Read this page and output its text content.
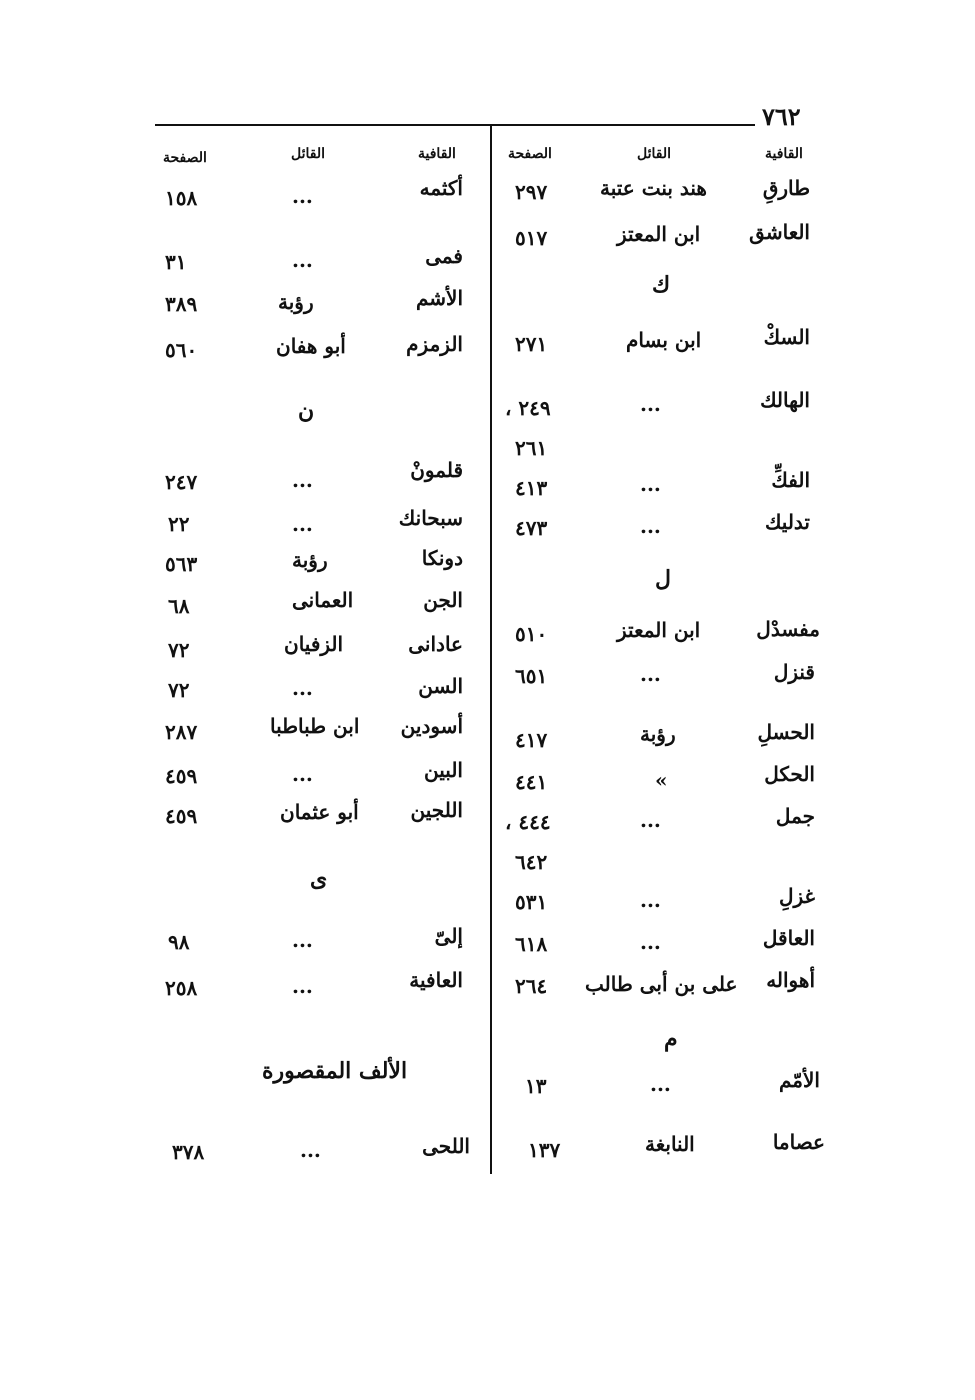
٧٦٢
القافية
القائل
الصفحة
القافية
القائل
الصفحة
طارقِ
هند بنت عتبة
٢٩٧
العاشق
ابن المعتز
٥١٧
ك
السكْ
ابن بسام
٢٧١
الهالك
...
٢٤٩ ،
٢٦١
الفكِّ
...
٤١٣
تدليك
...
٤٧٣
ل
مفسدْل
ابن المعتز
٥١٠
قنزل
...
٦٥١
الحسلِ
رؤبة
٤١٧
الحكل
»
٤٤١
جمل
...
٤٤٤ ،
٦٤٢
غزلِ
...
٥٣١
العاقل
...
٦١٨
أهواله
على بن أبى طالب
٢٦٤
م
الأمّم
...
١٣
عصاما
النابغة
١٣٧
أكثمه
...
١٥٨
فمى
...
٣١
الأشم
رؤبة
٣٨٩
الزمزم
أبو هفان
٥٦٠
ن
قلمونْ
...
٢٤٧
سبحانك
...
٢٢
دونكا
رؤبة
٥٦٣
الجن
العمانى
٦٨
عادانى
الزفيان
٧٢
السن
...
٧٢
أسودين
ابن طباطبا
٢٨٧
البين
...
٤٥٩
اللجين
أبو عثمان
٤٥٩
ى
إلىّ
...
٩٨
العافية
...
٢٥٨
الألف المقصورة
اللحى
...
٣٧٨
